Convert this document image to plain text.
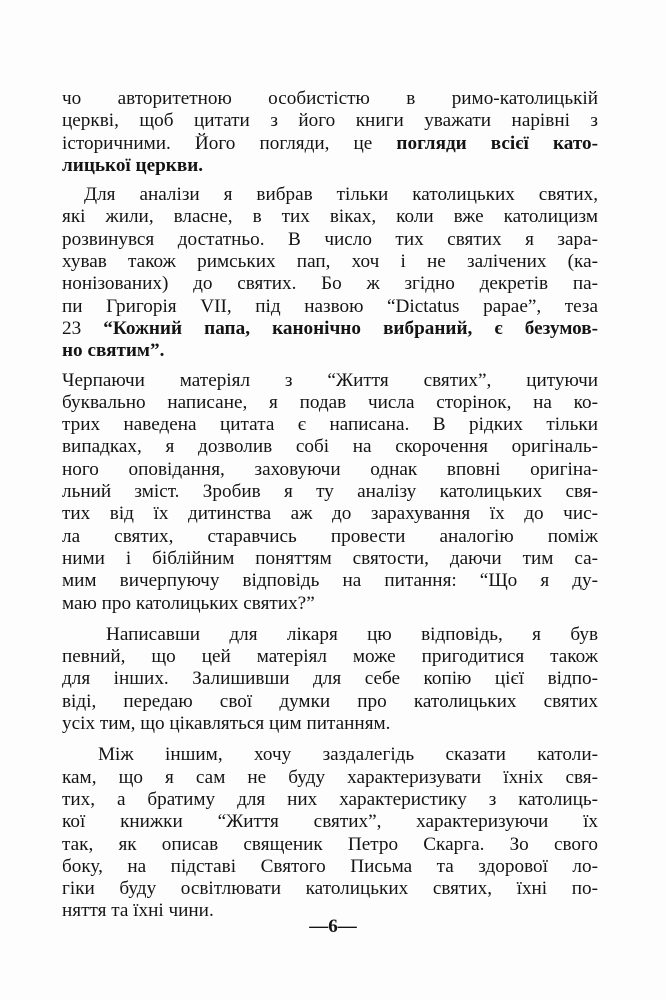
чо авторитетною особистістю в римо-католицькій
церкві, щоб цитати з його книги уважати нарівні з
історичними. Його погляди, це погляди всієї като-
лицької церкви.

Для аналізи я вибрав тільки католицьких святих,
які жили, власне, в тих віках, коли вже католицизм
розвинувся достатньо. В число тих святих я зара-
хував також римських пап, хоч і не залічених (ка-
нонізованих) до святих. Бо ж згідно декретів па-
пи Григорія VII, під назвою “Dictatus papae”, теза
23 “Кожний папа, канонічно вибраний, є безумов-
но святим”.

Черпаючи матеріял з “Життя святих”, цитуючи
буквально написане, я подав числа сторінок, на ко-
трих наведена цитата є написана. В рідких тільки
випадках, я дозволив собі на скорочення оригіналь-
ного оповідання, заховуючи однак вповні оригіна-
льний зміст. Зробив я ту аналізу католицьких свя-
тих від їх дитинства аж до зарахування їх до чис-
ла святих, старавчись провести аналогію поміж
ними і біблійним поняттям святости, даючи тим са-
мим вичерпуючу відповідь на питання: “Що я ду-
маю про католицьких святих?”

Написавши для лікаря цю відповідь, я був
певний, що цей матеріял може пригодитися також
для інших. Залишивши для себе копію цієї відпо-
віді, передаю свої думки про католицьких святих
усіх тим, що цікавляться цим питанням.

Між іншим, хочу заздалегідь сказати католи-
кам, що я сам не буду характеризувати їхніх свя-
тих, а братиму для них характеристику з католиць-
кої книжки “Життя святих”, характеризуючи їх
так, як описав священик Петро Скарга. Зо свого
боку, на підставі Святого Письма та здорової ло-
гіки буду освітлювати католицьких святих, їхні по-
няття та їхні чини.

—6—
